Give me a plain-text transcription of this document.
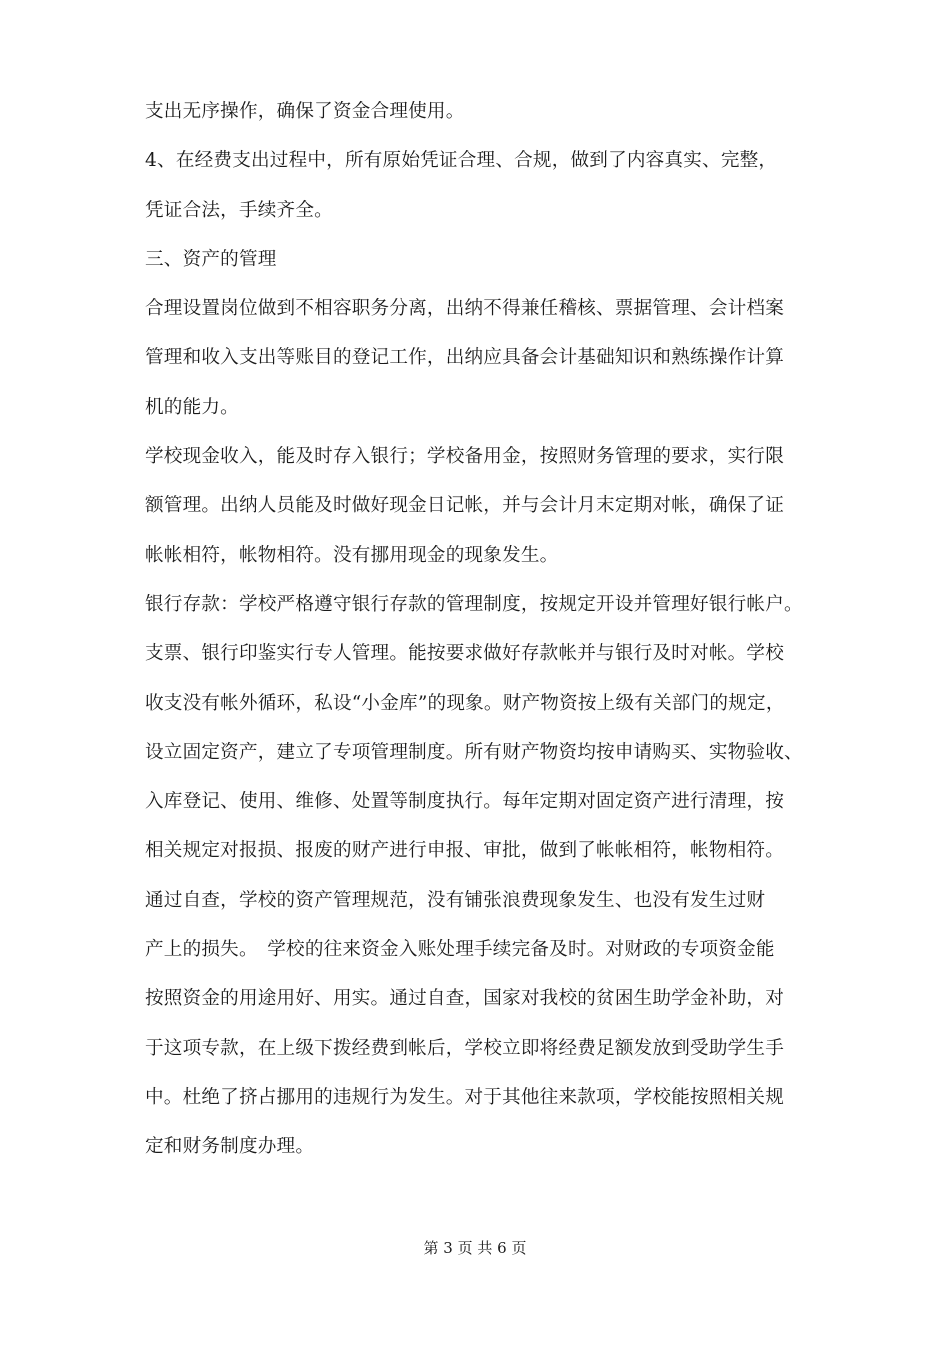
支出无序操作，确保了资金合理使用。
4、在经费支出过程中，所有原始凭证合理、合规，做到了内容真实、完整，
凭证合法，手续齐全。
三、资产的管理
合理设置岗位做到不相容职务分离，出纳不得兼任稽核、票据管理、会计档案
管理和收入支出等账目的登记工作，出纳应具备会计基础知识和熟练操作计算
机的能力。
学校现金收入，能及时存入银行；学校备用金，按照财务管理的要求，实行限
额管理。出纳人员能及时做好现金日记帐，并与会计月末定期对帐，确保了证
帐帐相符，帐物相符。没有挪用现金的现象发生。
银行存款：学校严格遵守银行存款的管理制度，按规定开设并管理好银行帐户。
支票、银行印鉴实行专人管理。能按要求做好存款帐并与银行及时对帐。学校
收支没有帐外循环，私设“小金库”的现象。财产物资按上级有关部门的规定，
设立固定资产，建立了专项管理制度。所有财产物资均按申请购买、实物验收、
入库登记、使用、维修、处置等制度执行。每年定期对固定资产进行清理，按
相关规定对报损、报废的财产进行申报、审批，做到了帐帐相符，帐物相符。
通过自查，学校的资产管理规范，没有铺张浪费现象发生、也没有发生过财
产上的损失。　学校的往来资金入账处理手续完备及时。对财政的专项资金能
按照资金的用途用好、用实。通过自查，国家对我校的贫困生助学金补助，对
于这项专款，在上级下拨经费到帐后，学校立即将经费足额发放到受助学生手
中。杜绝了挤占挪用的违规行为发生。对于其他往来款项，学校能按照相关规
定和财务制度办理。
第 3 页 共 6 页
